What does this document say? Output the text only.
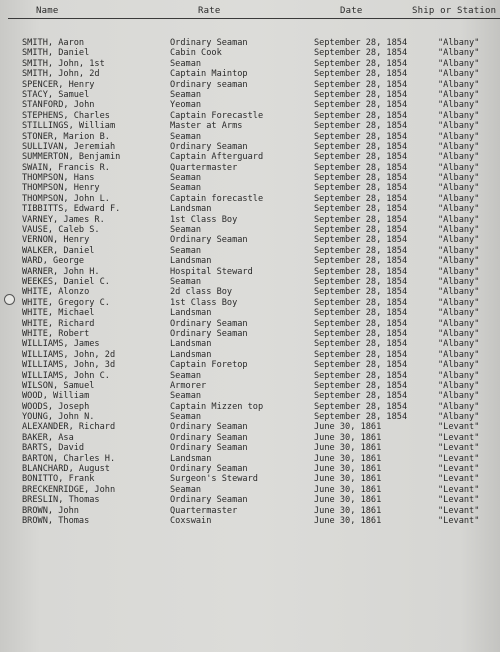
Name	Rate	Date	Ship or Station
SMITH, Aaron	Ordinary Seaman	September 28, 1854	"Albany"
SMITH, Daniel	Cabin Cook	September 28, 1854	"Albany"
SMITH, John, 1st	Seaman	September 28, 1854	"Albany"
SMITH, John, 2d	Captain Maintop	September 28, 1854	"Albany"
SPENCER, Henry	Ordinary seaman	September 28, 1854	"Albany"
STACY, Samuel	Seaman	September 28, 1854	"Albany"
STANFORD, John	Yeoman	September 28, 1854	"Albany"
STEPHENS, Charles	Captain Forecastle	September 28, 1854	"Albany"
STILLINGS, William	Master at Arms	September 28, 1854	"Albany"
STONER, Marion B.	Seaman	September 28, 1854	"Albany"
SULLIVAN, Jeremiah	Ordinary Seaman	September 28, 1854	"Albany"
SUMMERTON, Benjamin	Captain Afterguard	September 28, 1854	"Albany"
SWAIN, Francis R.	Quartermaster	September 28, 1854	"Albany"
THOMPSON, Hans	Seaman	September 28, 1854	"Albany"
THOMPSON, Henry	Seaman	September 28, 1854	"Albany"
THOMPSON, John L.	Captain forecastle	September 28, 1854	"Albany"
TIBBITTS, Edward F.	Landsman	September 28, 1854	"Albany"
VARNEY, James R.	1st Class Boy	September 28, 1854	"Albany"
VAUSE, Caleb S.	Seaman	September 28, 1854	"Albany"
VERNON, Henry	Ordinary Seaman	September 28, 1854	"Albany"
WALKER, Daniel	Seaman	September 28, 1854	"Albany"
WARD, George	Landsman	September 28, 1854	"Albany"
WARNER, John H.	Hospital Steward	September 28, 1854	"Albany"
WEEKES, Daniel C.	Seaman	September 28, 1854	"Albany"
WHITE, Alonzo	2d class Boy	September 28, 1854	"Albany"
WHITE, Gregory C.	1st Class Boy	September 28, 1854	"Albany"
WHITE, Michael	Landsman	September 28, 1854	"Albany"
WHITE, Richard	Ordinary Seaman	September 28, 1854	"Albany"
WHITE, Robert	Ordinary Seaman	September 28, 1854	"Albany"
WILLIAMS, James	Landsman	September 28, 1854	"Albany"
WILLIAMS, John, 2d	Landsman	September 28, 1854	"Albany"
WILLIAMS, John, 3d	Captain Foretop	September 28, 1854	"Albany"
WILLIAMS, John C.	Seaman	September 28, 1854	"Albany"
WILSON, Samuel	Armorer	September 28, 1854	"Albany"
WOOD, William	Seaman	September 28, 1854	"Albany"
WOODS, Joseph	Captain Mizzen top	September 28, 1854	"Albany"
YOUNG, John N.	Seaman	September 28, 1854	"Albany"
ALEXANDER, Richard	Ordinary Seaman	June 30, 1861	"Levant"
BAKER, Asa	Ordinary Seaman	June 30, 1861	"Levant"
BARTS, David	Ordinary Seaman	June 30, 1861	"Levant"
BARTON, Charles H.	Landsman	June 30, 1861	"Levant"
BLANCHARD, August	Ordinary Seaman	June 30, 1861	"Levant"
BONITTO, Frank	Surgeon's Steward	June 30, 1861	"Levant"
BRECKENRIDGE, John	Seaman	June 30, 1861	"Levant"
BRESLIN, Thomas	Ordinary Seaman	June 30, 1861	"Levant"
BROWN, John	Quartermaster	June 30, 1861	"Levant"
BROWN, Thomas	Coxswain	June 30, 1861	"Levant"
